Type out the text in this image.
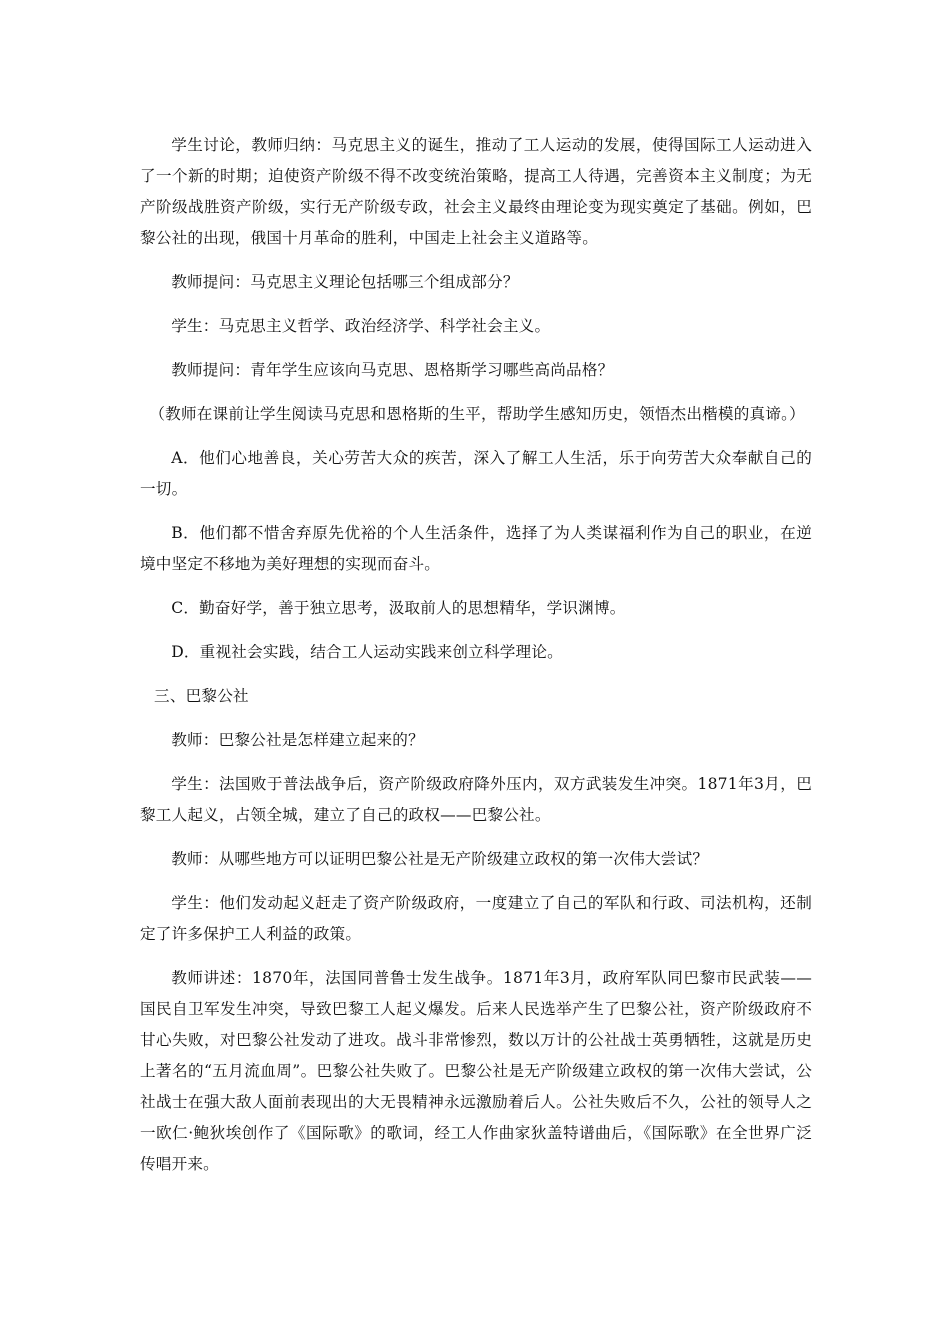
学生讨论，教师归纳：马克思主义的诞生，推动了工人运动的发展，使得国际工人运动进入了一个新的时期；迫使资产阶级不得不改变统治策略，提高工人待遇，完善资本主义制度；为无产阶级战胜资产阶级，实行无产阶级专政，社会主义最终由理论变为现实奠定了基础。例如，巴黎公社的出现，俄国十月革命的胜利，中国走上社会主义道路等。

教师提问：马克思主义理论包括哪三个组成部分？

学生：马克思主义哲学、政治经济学、科学社会主义。

教师提问：青年学生应该向马克思、恩格斯学习哪些高尚品格？

（教师在课前让学生阅读马克思和恩格斯的生平，帮助学生感知历史，领悟杰出楷模的真谛。）

A．他们心地善良，关心劳苦大众的疾苦，深入了解工人生活，乐于向劳苦大众奉献自己的一切。

B．他们都不惜舍弃原先优裕的个人生活条件，选择了为人类谋福利作为自己的职业，在逆境中坚定不移地为美好理想的实现而奋斗。

C．勤奋好学，善于独立思考，汲取前人的思想精华，学识渊博。

D．重视社会实践，结合工人运动实践来创立科学理论。

三、巴黎公社

教师：巴黎公社是怎样建立起来的？

学生：法国败于普法战争后，资产阶级政府降外压内，双方武装发生冲突。1871年3月，巴黎工人起义，占领全城，建立了自己的政权——巴黎公社。

教师：从哪些地方可以证明巴黎公社是无产阶级建立政权的第一次伟大尝试？

学生：他们发动起义赶走了资产阶级政府，一度建立了自己的军队和行政、司法机构，还制定了许多保护工人利益的政策。

教师讲述：1870年，法国同普鲁士发生战争。1871年3月，政府军队同巴黎市民武装——国民自卫军发生冲突，导致巴黎工人起义爆发。后来人民选举产生了巴黎公社，资产阶级政府不甘心失败，对巴黎公社发动了进攻。战斗非常惨烈，数以万计的公社战士英勇牺牲，这就是历史上著名的“五月流血周”。巴黎公社失败了。巴黎公社是无产阶级建立政权的第一次伟大尝试，公社战士在强大敌人面前表现出的大无畏精神永远激励着后人。公社失败后不久，公社的领导人之一欧仁·鲍狄埃创作了《国际歌》的歌词，经工人作曲家狄盖特谱曲后，《国际歌》在全世界广泛传唱开来。
